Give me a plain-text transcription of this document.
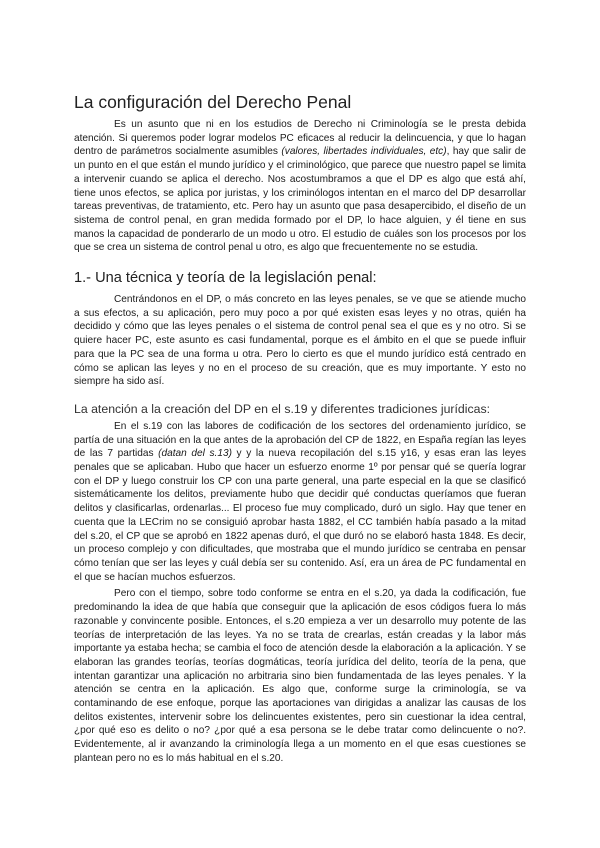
La configuración del Derecho Penal

Es un asunto que ni en los estudios de Derecho ni Criminología se le presta debida atención. Si queremos poder lograr modelos PC eficaces al reducir la delincuencia, y que lo hagan dentro de parámetros socialmente asumibles (valores, libertades individuales, etc), hay que salir de un punto en el que están el mundo jurídico y el criminológico, que parece que nuestro papel se limita a intervenir cuando se aplica el derecho. Nos acostumbramos a que el DP es algo que está ahí, tiene unos efectos, se aplica por juristas, y los criminólogos intentan en el marco del DP desarrollar tareas preventivas, de tratamiento, etc. Pero hay un asunto que pasa desapercibido, el diseño de un sistema de control penal, en gran medida formado por el DP, lo hace alguien, y él tiene en sus manos la capacidad de ponderarlo de un modo u otro. El estudio de cuáles son los procesos por los que se crea un sistema de control penal u otro, es algo que frecuentemente no se estudia.

1.- Una técnica y teoría de la legislación penal:

Centrándonos en el DP, o más concreto en las leyes penales, se ve que se atiende mucho a sus efectos, a su aplicación, pero muy poco a por qué existen esas leyes y no otras, quién ha decidido y cómo que las leyes penales o el sistema de control penal sea el que es y no otro. Si se quiere hacer PC, este asunto es casi fundamental, porque es el ámbito en el que se puede influir para que la PC sea de una forma u otra. Pero lo cierto es que el mundo jurídico está centrado en cómo se aplican las leyes y no en el proceso de su creación, que es muy importante. Y esto no siempre ha sido así.

La atención a la creación del DP en el s.19 y diferentes tradiciones jurídicas:

En el s.19 con las labores de codificación de los sectores del ordenamiento jurídico, se partía de una situación en la que antes de la aprobación del CP de 1822, en España regían las leyes de las 7 partidas (datan del s.13) y y la nueva recopilación del s.15 y16, y esas eran las leyes penales que se aplicaban. Hubo que hacer un esfuerzo enorme 1º por pensar qué se quería lograr con el DP y luego construir los CP con una parte general, una parte especial en la que se clasificó sistemáticamente los delitos, previamente hubo que decidir qué conductas queríamos que fueran delitos y clasificarlas, ordenarlas... El proceso fue muy complicado, duró un siglo. Hay que tener en cuenta que la LECrim no se consiguió aprobar hasta 1882, el CC también había pasado a la mitad del s.20, el CP que se aprobó en 1822 apenas duró, el que duró no se elaboró hasta 1848. Es decir, un proceso complejo y con dificultades, que mostraba que el mundo jurídico se centraba en pensar cómo tenían que ser las leyes y cuál debía ser su contenido. Así, era un área de PC fundamental en el que se hacían muchos esfuerzos.

Pero con el tiempo, sobre todo conforme se entra en el s.20, ya dada la codificación, fue predominando la idea de que había que conseguir que la aplicación de esos códigos fuera lo más razonable y convincente posible. Entonces, el s.20 empieza a ver un desarrollo muy potente de las teorías de interpretación de las leyes. Ya no se trata de crearlas, están creadas y la labor más importante ya estaba hecha; se cambia el foco de atención desde la elaboración a la aplicación. Y se elaboran las grandes teorías, teorías dogmáticas, teoría jurídica del delito, teoría de la pena, que intentan garantizar una aplicación no arbitraria sino bien fundamentada de las leyes penales. Y la atención se centra en la aplicación. Es algo que, conforme surge la criminología, se va contaminando de ese enfoque, porque las aportaciones van dirigidas a analizar las causas de los delitos existentes, intervenir sobre los delincuentes existentes, pero sin cuestionar la idea central, ¿por qué eso es delito o no? ¿por qué a esa persona se le debe tratar como delincuente o no?. Evidentemente, al ir avanzando la criminología llega a un momento en el que esas cuestiones se plantean pero no es lo más habitual en el s.20.
